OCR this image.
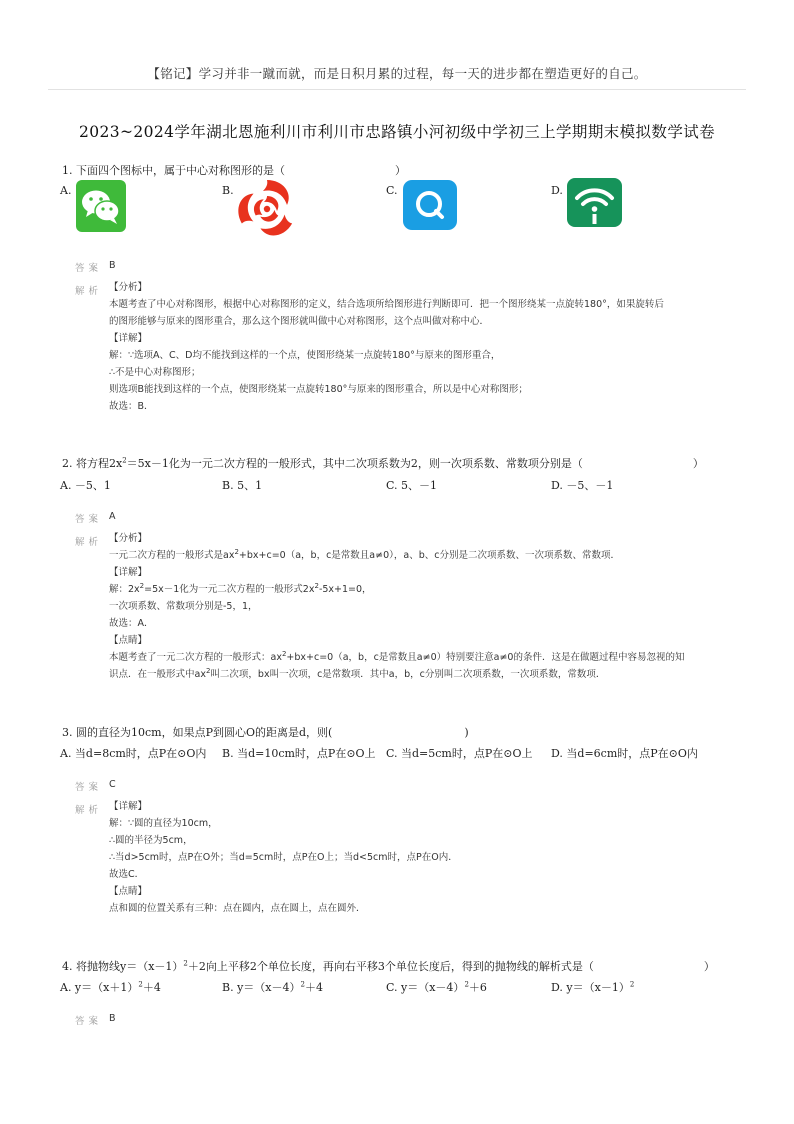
【铭记】学习并非一蹴而就，而是日积月累的过程，每一天的进步都在塑造更好的自己。
2023~2024学年湖北恩施利川市利川市忠路镇小河初级中学初三上学期期末模拟数学试卷
1. 下面四个图标中，属于中心对称图形的是（　　　　　　　　　　）
A.	B.	C.	D.
答案 B
解析 【分析】
本题考查了中心对称图形，根据中心对称图形的定义，结合选项所给图形进行判断即可．把一个图形绕某一点旋转180°，如果旋转后
的图形能够与原来的图形重合，那么这个图形就叫做中心对称图形，这个点叫做对称中心．
【详解】
解：∵选项A、C、D均不能找到这样的一个点，使图形绕某一点旋转180°与原来的图形重合，
∴不是中心对称图形；
则选项B能找到这样的一个点，使图形绕某一点旋转180°与原来的图形重合，所以是中心对称图形；
故选：B．
2. 将方程$2x^2=5x-1$化为一元二次方程的一般形式，其中二次项系数为2，则一次项系数、常数项分别是（　　　　　　　　　　）
A. －5、1	B. 5、1	C. 5、－1	D. －5、－1
答案 A
解析 【分析】
一元二次方程的一般形式是$ax^2+bx+c=0(a$，b，c是常数且a≠0），a、b、c分别是二次项系数、一次项系数、常数项．
【详解】
解：$2x^2=5x-1$化为一元二次方程的一般形式$2x^2-5x+1=0$，
一次项系数、常数项分别是-5，1，
故选：A．
【点睛】
本题考查了一元二次方程的一般形式：$ax^2+bx+c=0(a$，b，c是常数且a≠0）特别要注意a≠0的条件．这是在做题过程中容易忽视的知
识点．在一般形式中$ax^2$叫二次项，bx叫一次项，c是常数项．其中a，b，c分别叫二次项系数，一次项系数，常数项．
3. 圆的直径为10cm，如果点P到圆心O的距离是d，则(　　　　　　　　　　　　)
A. 当d=8cm时，点P在⊙O内 B. 当d=10cm时，点P在⊙O上 C. 当d=5cm时，点P在⊙O上 D. 当d=6cm时，点P在⊙O内
答案 C
解析 【详解】
解：∵圆的直径为10cm，
∴圆的半径为5cm，
∴当d>5cm时，点P在O外；当d=5cm时，点P在O上；当d<5cm时，点P在O内．
故选C．
【点睛】
点和圆的位置关系有三种：点在圆内，点在圆上，点在圆外．
4. 将抛物线$y=(x-1)^2+2$向上平移2个单位长度，再向右平移3个单位长度后，得到的抛物线的解析式是（　　　　　　　　　　）
A. $y=(x+1)^2+4$	B. $y=(x-4)^2+4$	C. $y=(x-4)^2+6$	D. $y=(x-1)^2$
答案 B
